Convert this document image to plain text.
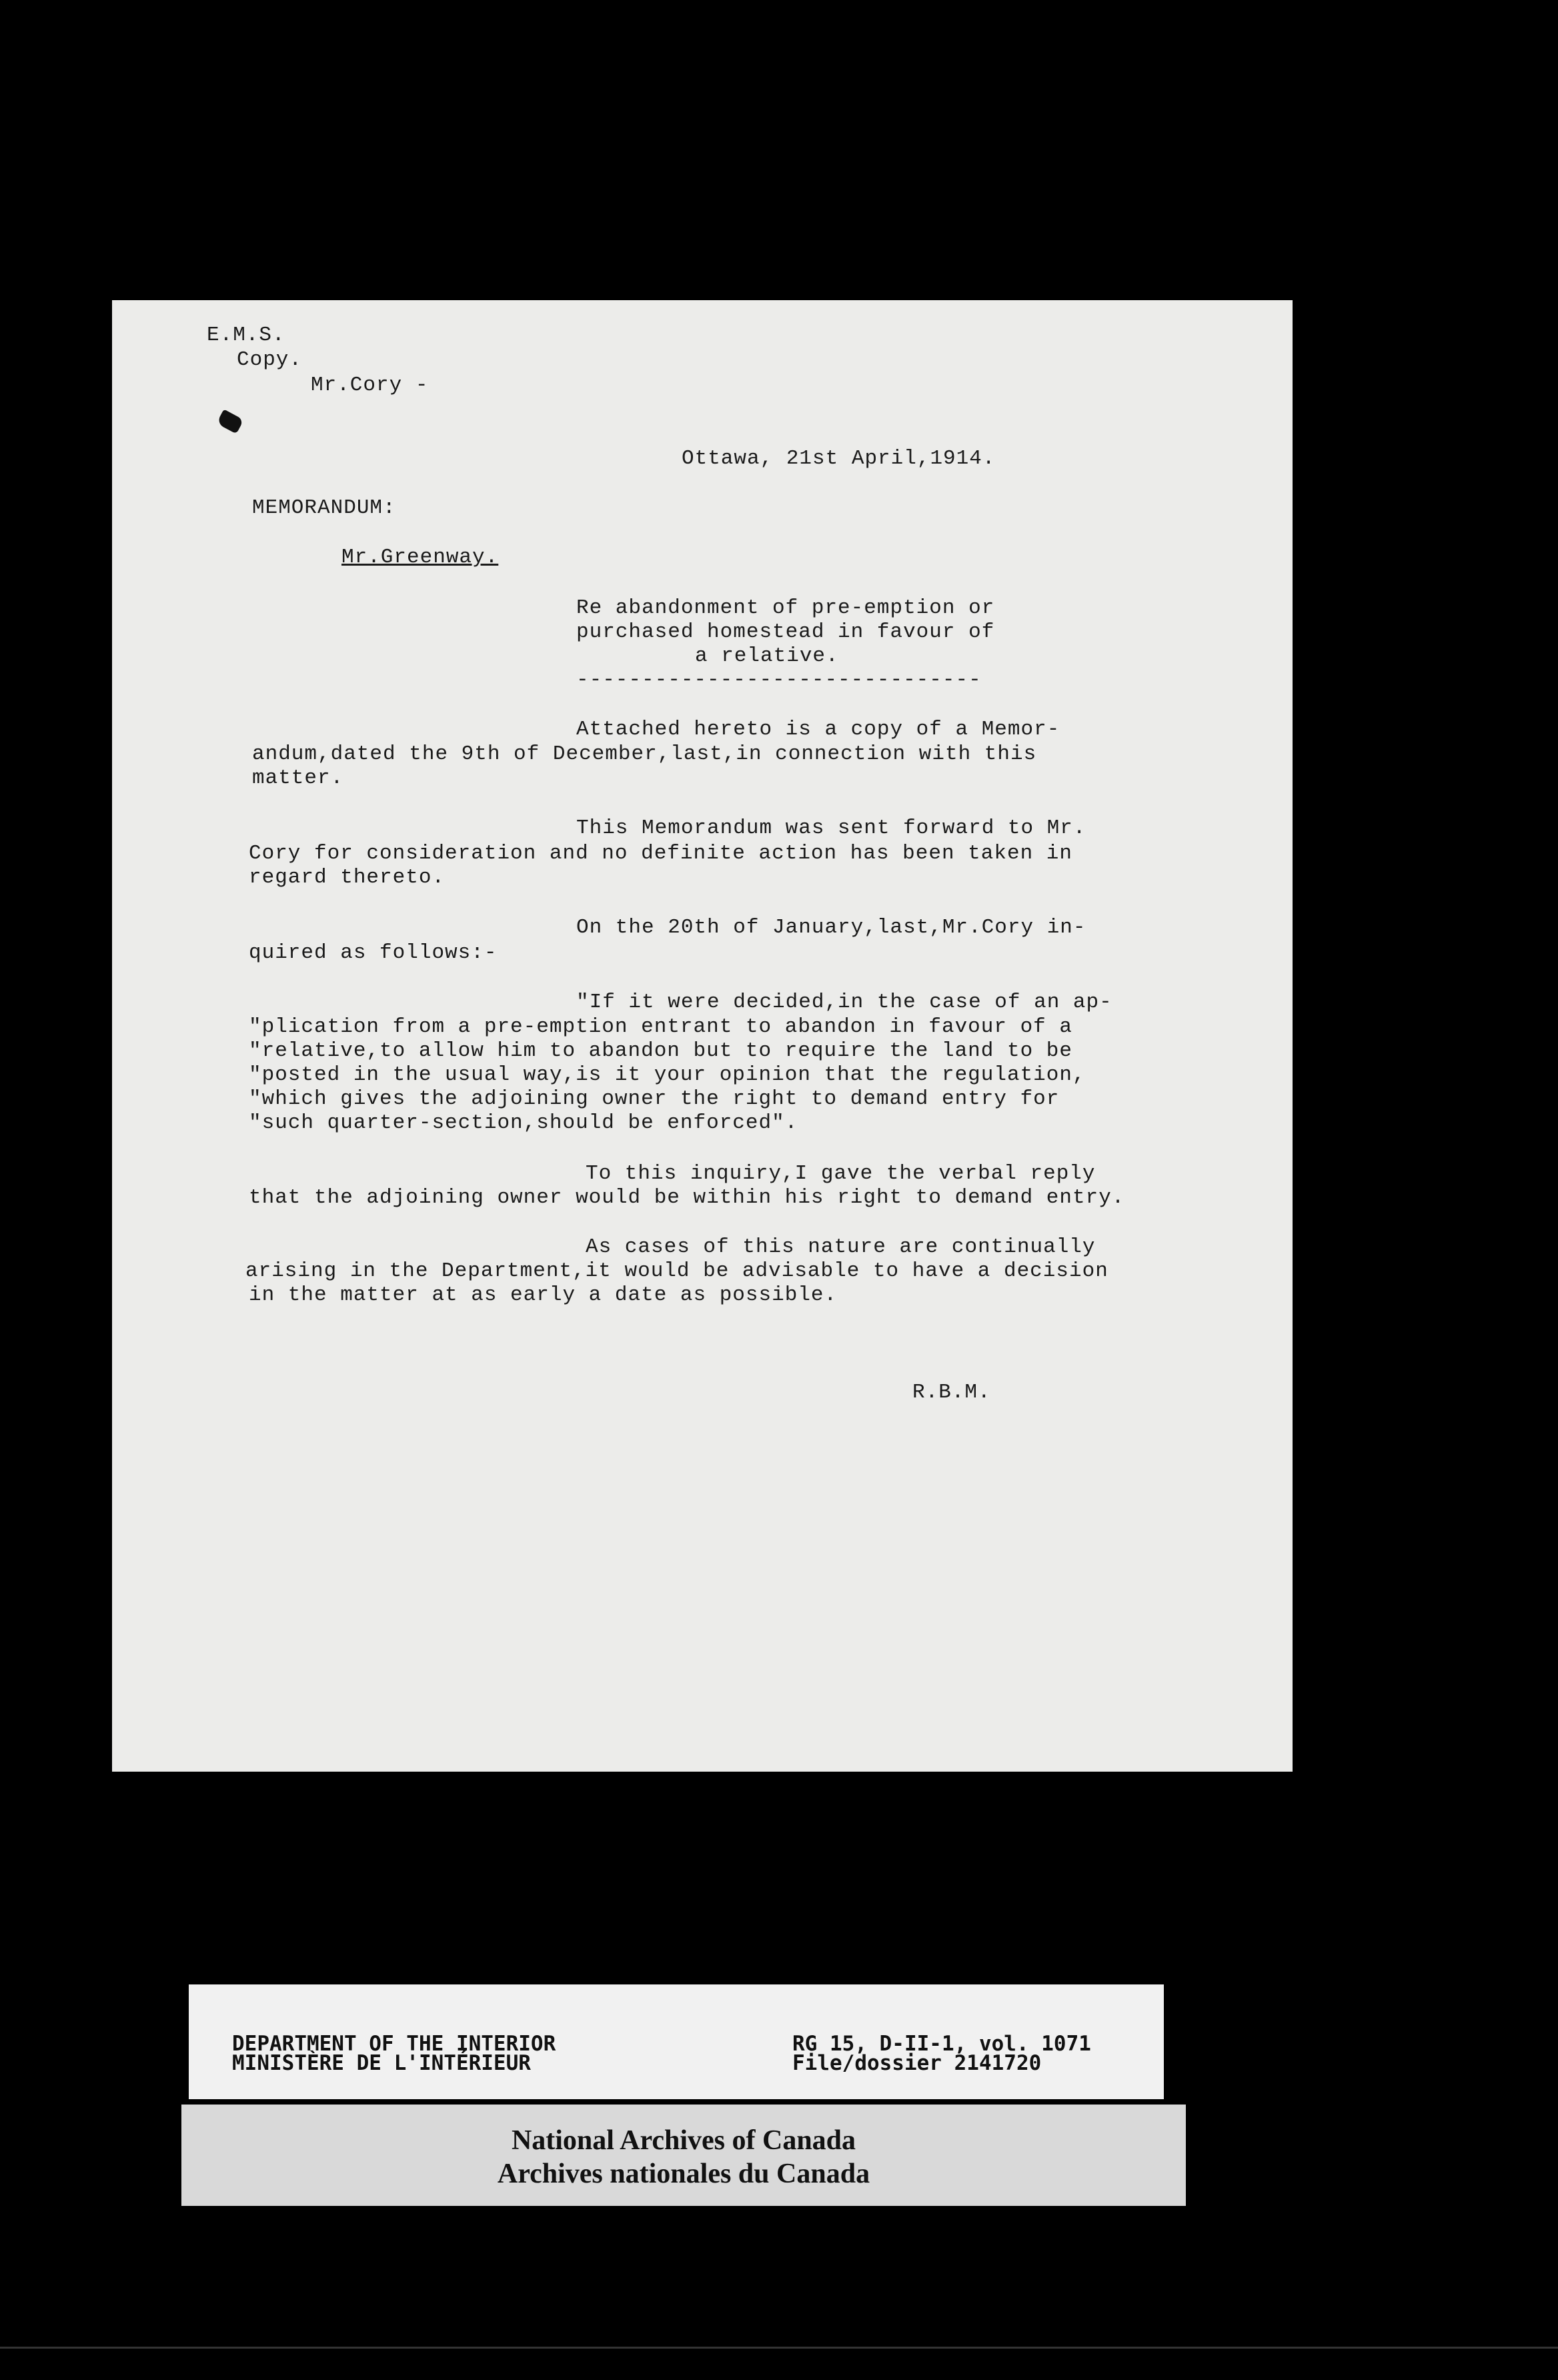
E.M.S.
Copy.
Mr.Cory -
Ottawa, 21st April,1914.
MEMORANDUM:
Mr.Greenway.
Re abandonment of pre-emption or
purchased homestead in favour of
a relative.
-------------------------------
Attached hereto is a copy of a Memor-
andum,dated the 9th of December,last,in connection with this
matter.
This Memorandum was sent forward to Mr.
Cory for consideration and no definite action has been taken in
regard thereto.
On the 20th of January,last,Mr.Cory in-
quired as follows:-
"If it were decided,in the case of an ap-
"plication from a pre-emption entrant to abandon in favour of a
"relative,to allow him to abandon but to require the land to be
"posted in the usual way,is it your opinion that the regulation,
"which gives the adjoining owner the right to demand entry for
"such quarter-section,should be enforced".
To this inquiry,I gave the verbal reply
that the adjoining owner would be within his right to demand entry.
As cases of this nature are continually
arising in the Department,it would be advisable to have a decision
in the matter at as early a date as possible.
R.B.M.
DEPARTMENT OF THE INTERIOR
MINISTÈRE DE L'INTÉRIEUR
RG 15, D-II-1, vol. 1071
File/dossier 2141720
National Archives of Canada
Archives nationales du Canada
